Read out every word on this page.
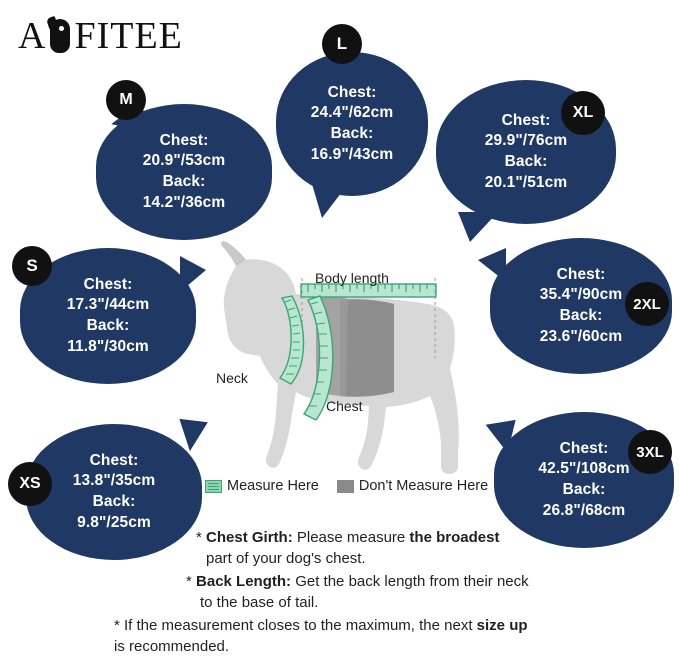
A FITEE
Body length
Neck
Chest
Chest:
20.9"/53cm
Back:
14.2"/36cm
M	Chest:
24.4"/62cm
Back:
16.9"/43cm
L
Chest:
29.9"/76cm
Back:
20.1"/51cm
XL
Chest:
17.3"/44cm
Back:
11.8"/30cm
S	Chest:
35.4"/90cm
Back:
23.6"/60cm
2XL
Chest:
13.8"/35cm
Back:
9.8"/25cm
XS
Chest:
42.5"/108cm
Back:
26.8"/68cm
3XL
Measure Here	Don't Measure Here
* Chest Girth: Please measure the broadest
part of your dog's chest.
* Back Length: Get the back length from their neck
to the base of tail.
* If the measurement closes to the maximum, the next size up
is recommended.
